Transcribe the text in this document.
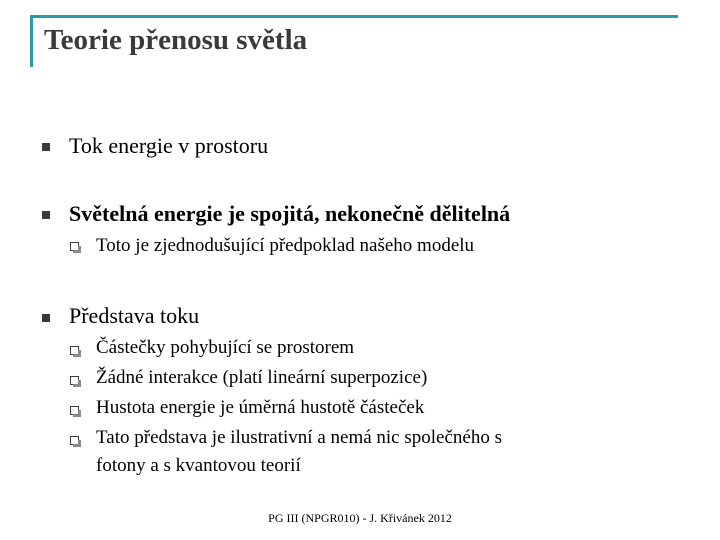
Teorie přenosu světla
Tok energie v prostoru
Světelná energie je spojitá, nekonečně dělitelná
Toto je zjednodušující předpoklad našeho modelu
Představa toku
Částečky pohybující se prostorem
Žádné interakce (platí lineární superpozice)
Hustota energie je úměrná hustotě částeček
Tato představa je ilustrativní a nemá nic společného s
fotony a s kvantovou teorií
PG III (NPGR010) - J. Křivánek 2012
